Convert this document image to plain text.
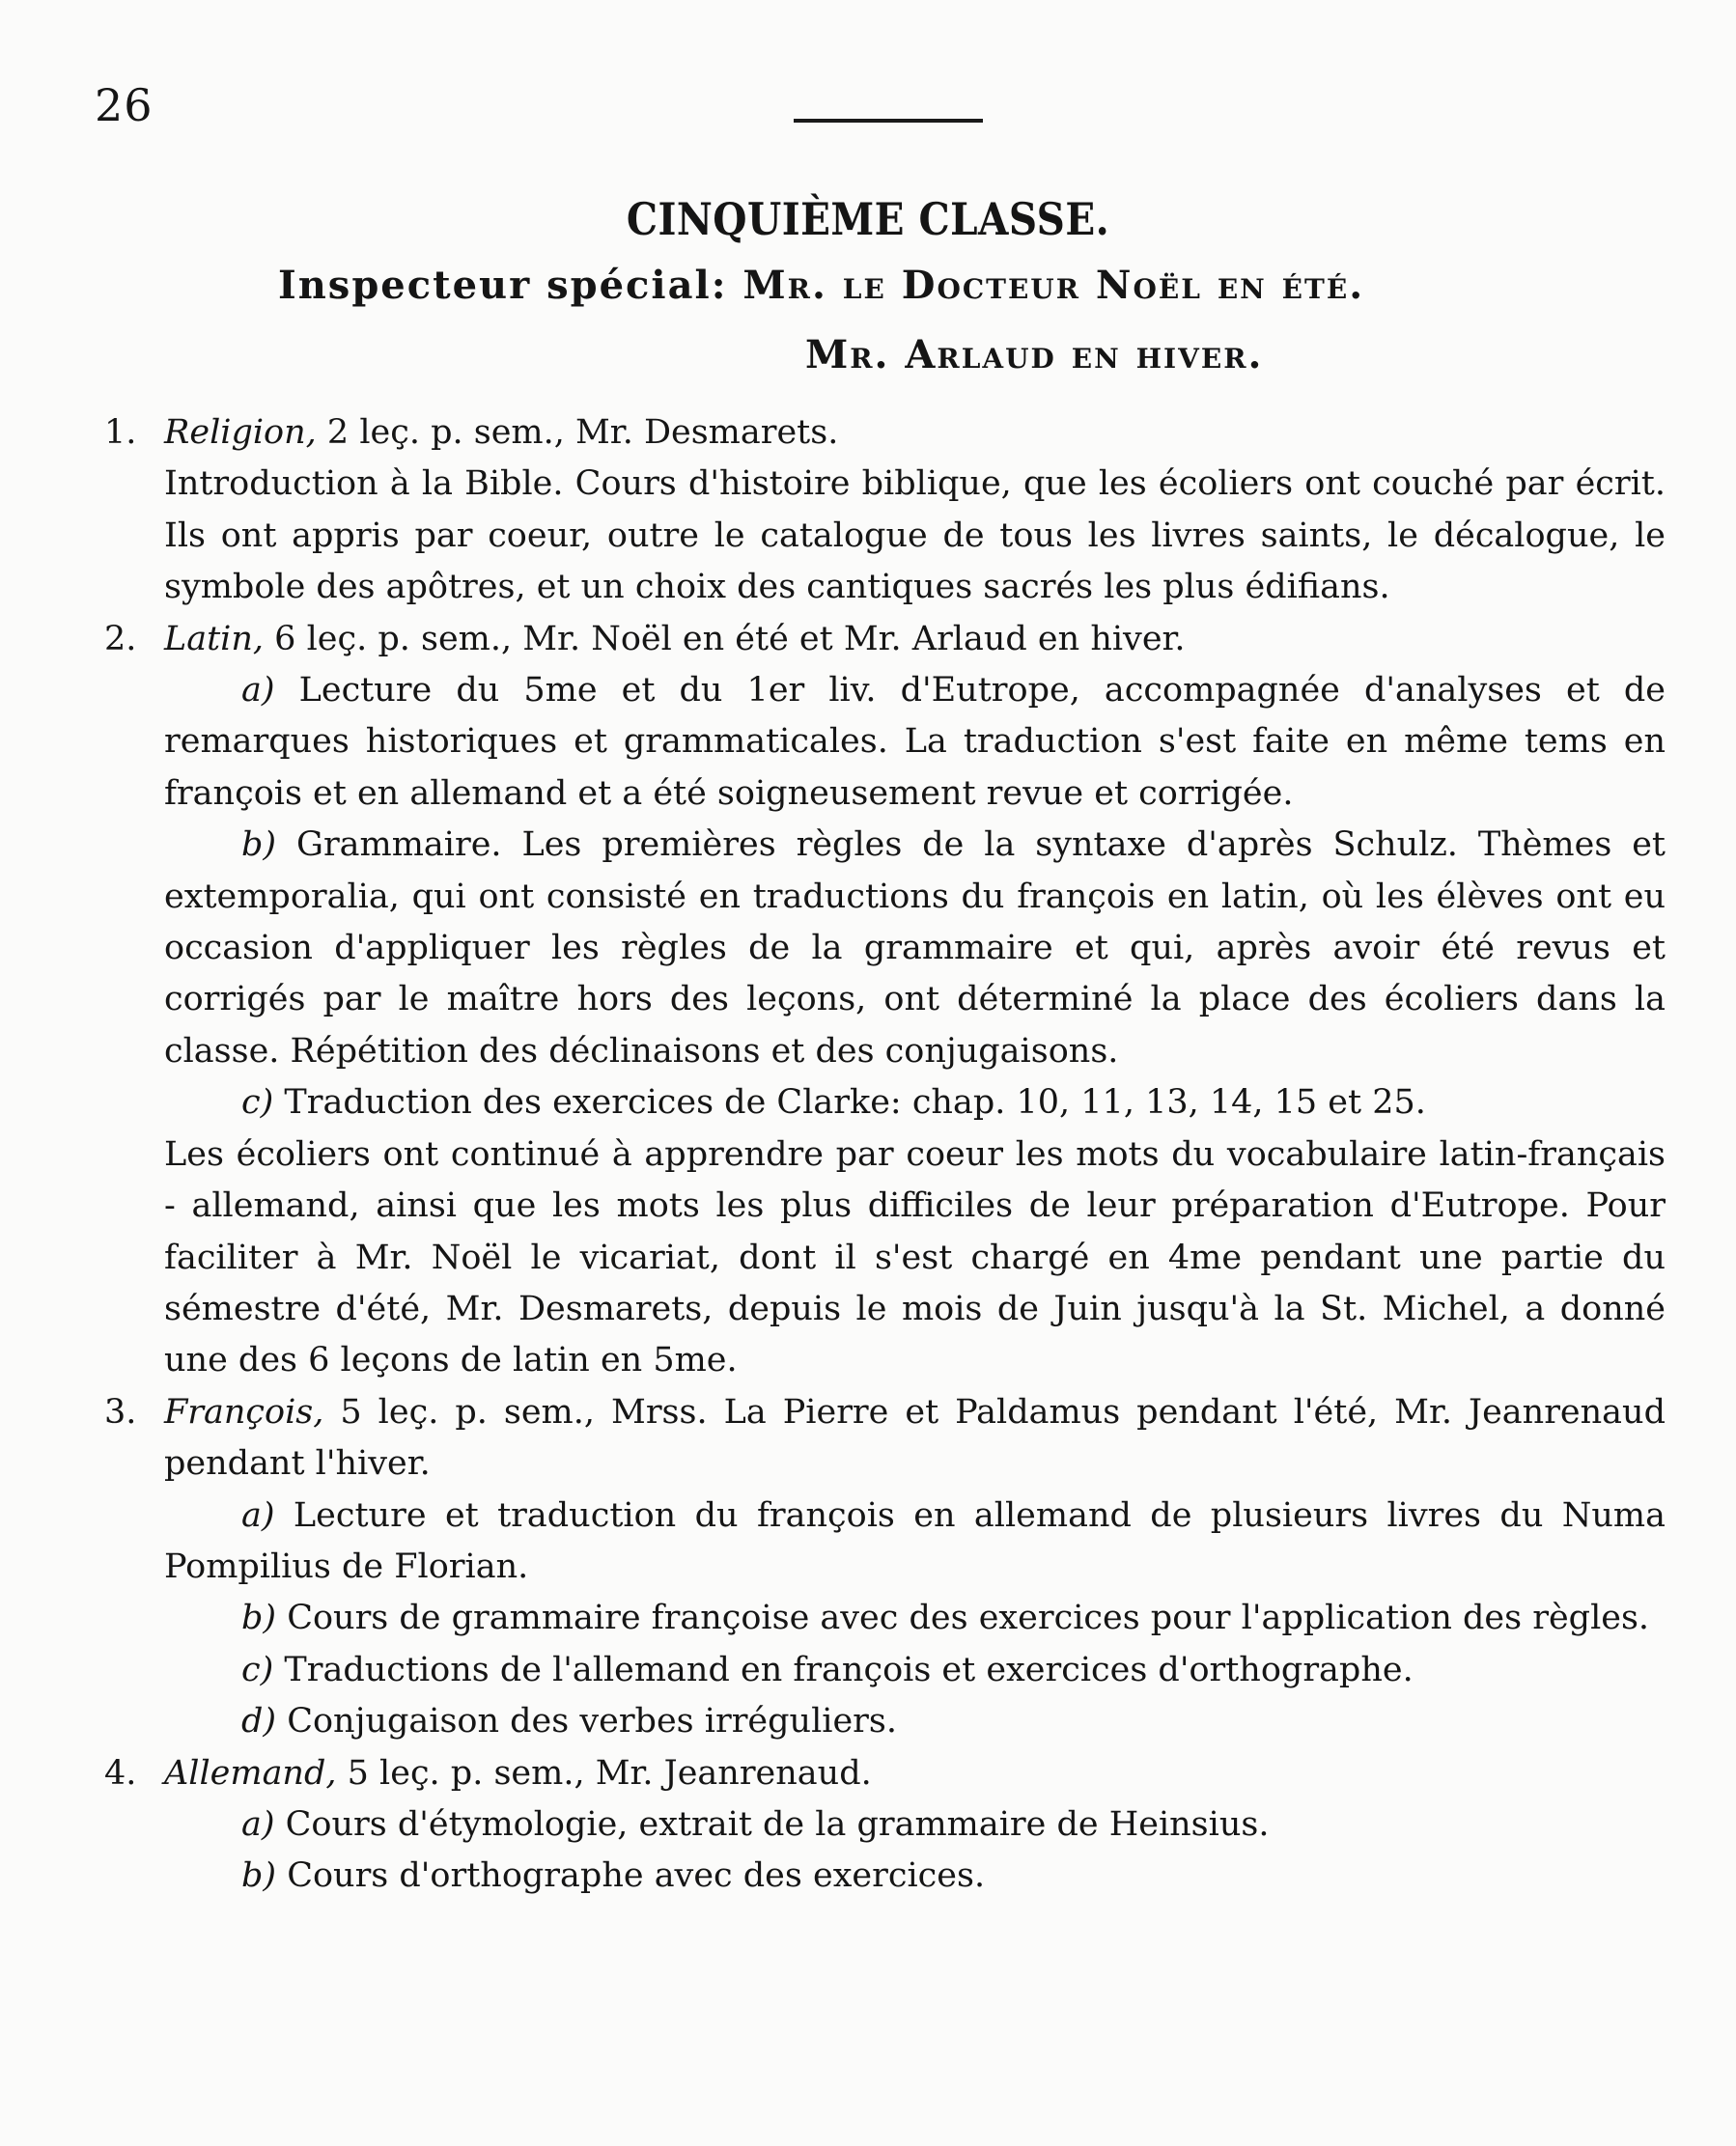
26
CINQUIÈME CLASSE.
Inspecteur spécial: Mr. le Docteur Noël en été.
Mr. Arlaud en hiver.

1. Religion, 2 leç. p. sem., Mr. Desmarets.

Introduction à la Bible. Cours d'histoire biblique, que les écoliers ont couché par écrit. Ils ont appris par coeur, outre le catalogue de tous les livres saints, le décalogue, le symbole des apôtres, et un choix des cantiques sacrés les plus édifians.

2. Latin, 6 leç. p. sem., Mr. Noël en été et Mr. Arlaud en hiver.

a) Lecture du 5me et du 1er liv. d'Eutrope, accompagnée d'analyses et de remarques historiques et grammaticales. La traduction s'est faite en même tems en françois et en allemand et a été soigneusement revue et corrigée.

b) Grammaire. Les premières règles de la syntaxe d'après Schulz. Thèmes et extemporalia, qui ont consisté en traductions du françois en latin, où les élèves ont eu occasion d'appliquer les règles de la grammaire et qui, après avoir été revus et corrigés par le maître hors des leçons, ont déterminé la place des écoliers dans la classe. Répétition des déclinaisons et des conjugaisons.

c) Traduction des exercices de Clarke: chap. 10, 11, 13, 14, 15 et 25.

Les écoliers ont continué à apprendre par coeur les mots du vocabulaire latin-français - allemand, ainsi que les mots les plus difficiles de leur préparation d'Eutrope. Pour faciliter à Mr. Noël le vicariat, dont il s'est chargé en 4me pendant une partie du sémestre d'été, Mr. Desmarets, depuis le mois de Juin jusqu'à la St. Michel, a donné une des 6 leçons de latin en 5me.

3. François, 5 leç. p. sem., Mrss. La Pierre et Paldamus pendant l'été, Mr. Jeanrenaud pendant l'hiver.

a) Lecture et traduction du françois en allemand de plusieurs livres du Numa Pompilius de Florian.

b) Cours de grammaire françoise avec des exercices pour l'application des règles.

c) Traductions de l'allemand en françois et exercices d'orthographe.

d) Conjugaison des verbes irréguliers.

4. Allemand, 5 leç. p. sem., Mr. Jeanrenaud.

a) Cours d'étymologie, extrait de la grammaire de Heinsius.

b) Cours d'orthographe avec des exercices.
